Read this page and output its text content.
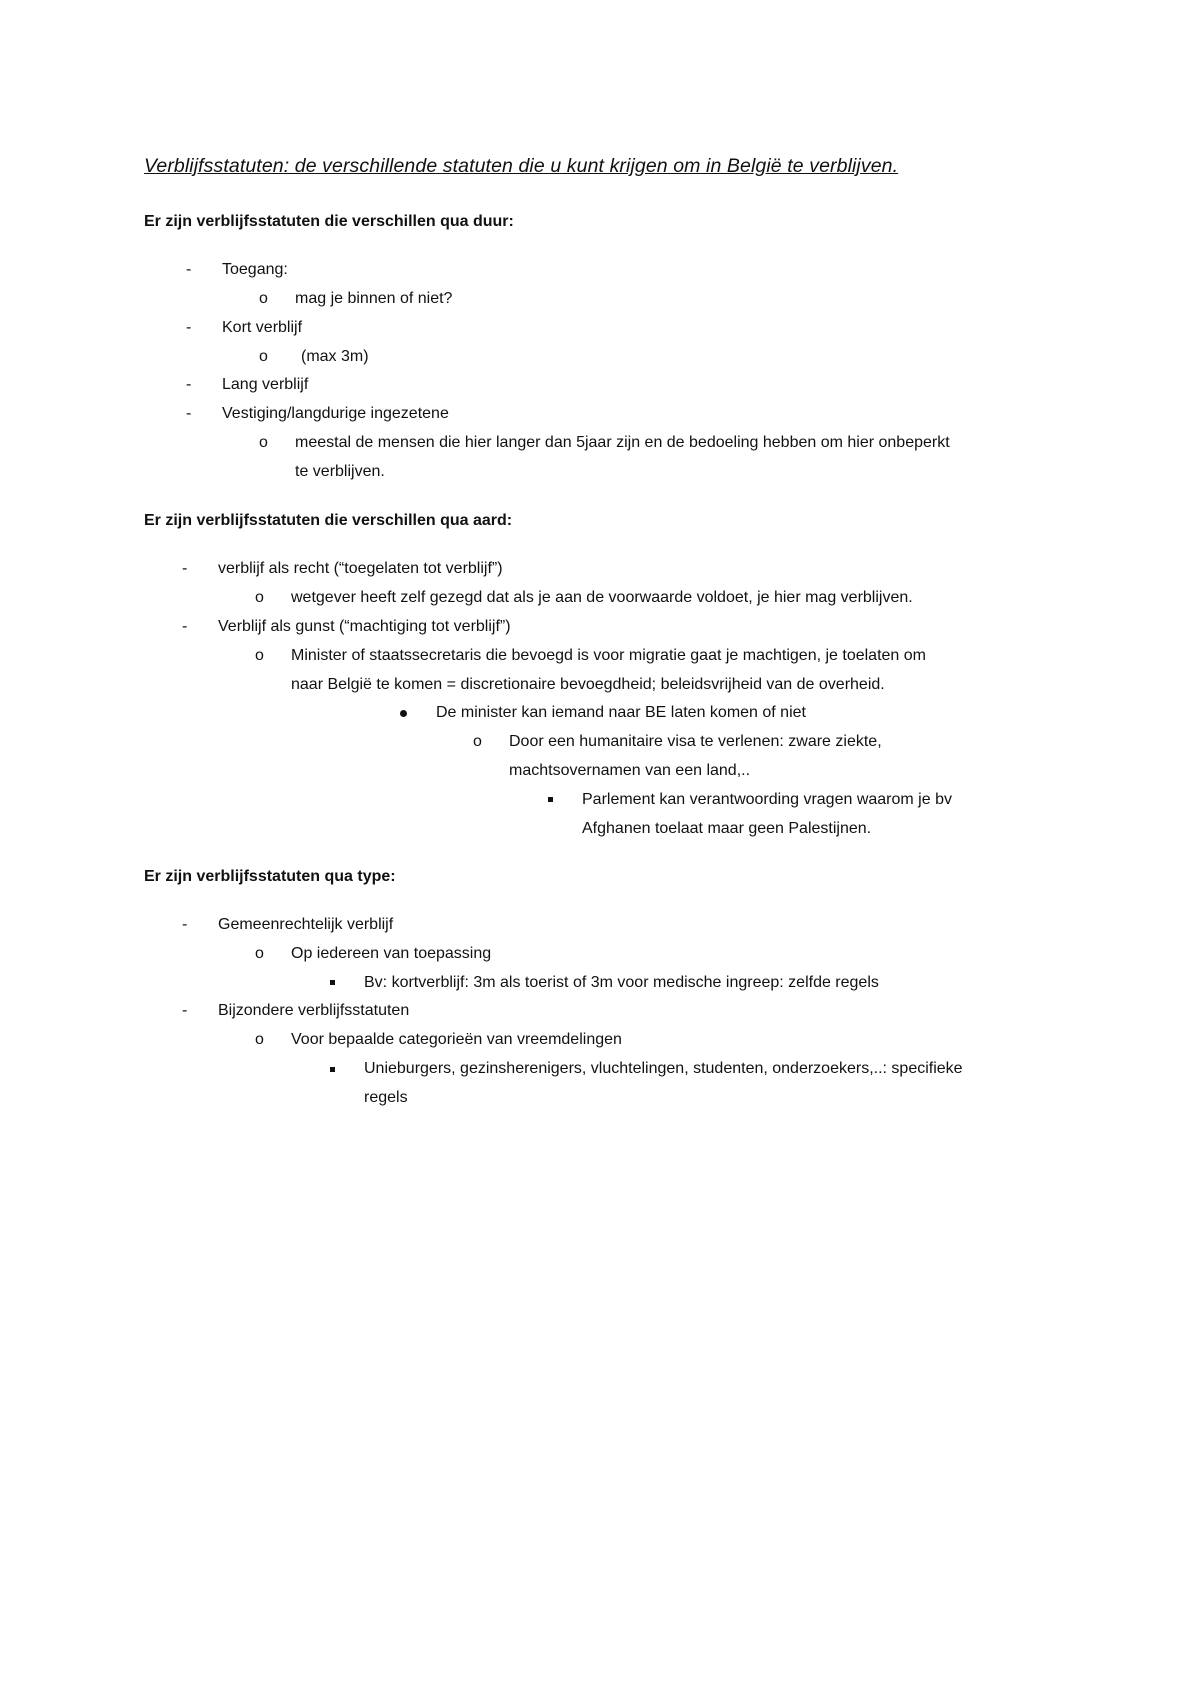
Verblijfsstatuten: de verschillende statuten die u kunt krijgen om in België te verblijven.
Er zijn verblijfsstatuten die verschillen qua duur:
- Toegang:
o mag je binnen of niet?
- Kort verblijf
o (max 3m)
- Lang verblijf
- Vestiging/langdurige ingezetene
o meestal de mensen die hier langer dan 5jaar zijn en de bedoeling hebben om hier onbeperkt
te verblijven.
Er zijn verblijfsstatuten die verschillen qua aard:
- verblijf als recht (“toegelaten tot verblijf”)
o wetgever heeft zelf gezegd dat als je aan de voorwaarde voldoet, je hier mag verblijven.
- Verblijf als gunst (“machtiging tot verblijf”)
o Minister of staatssecretaris die bevoegd is voor migratie gaat je machtigen, je toelaten om
naar België te komen = discretionaire bevoegdheid; beleidsvrijheid van de overheid.
De minister kan iemand naar BE laten komen of niet
o Door een humanitaire visa te verlenen: zware ziekte,
machtsovernamen van een land,..
Parlement kan verantwoording vragen waarom je bv
Afghanen toelaat maar geen Palestijnen.
Er zijn verblijfsstatuten qua type:
- Gemeenrechtelijk verblijf
o Op iedereen van toepassing
Bv: kortverblijf: 3m als toerist of 3m voor medische ingreep: zelfde regels
- Bijzondere verblijfsstatuten
o Voor bepaalde categorieën van vreemdelingen
Unieburgers, gezinsherenigers, vluchtelingen, studenten, onderzoekers,..: specifieke
regels
